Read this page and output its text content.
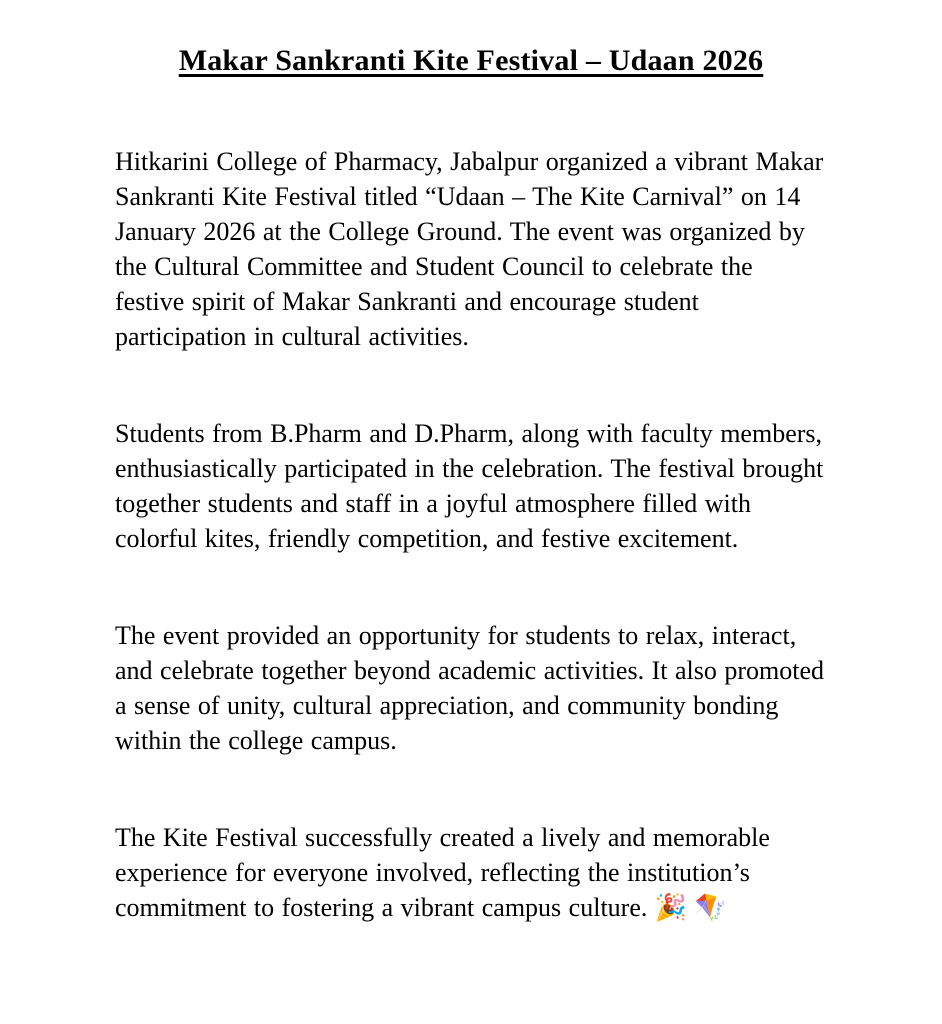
Makar Sankranti Kite Festival – Udaan 2026

Hitkarini College of Pharmacy, Jabalpur organized a vibrant Makar Sankranti Kite Festival titled “Udaan – The Kite Carnival” on 14 January 2026 at the College Ground. The event was organized by the Cultural Committee and Student Council to celebrate the festive spirit of Makar Sankranti and encourage student participation in cultural activities.

Students from B.Pharm and D.Pharm, along with faculty members, enthusiastically participated in the celebration. The festival brought together students and staff in a joyful atmosphere filled with colorful kites, friendly competition, and festive excitement.

The event provided an opportunity for students to relax, interact, and celebrate together beyond academic activities. It also promoted a sense of unity, cultural appreciation, and community bonding within the college campus.

The Kite Festival successfully created a lively and memorable experience for everyone involved, reflecting the institution’s commitment to fostering a vibrant campus culture. 🎉 🪁
